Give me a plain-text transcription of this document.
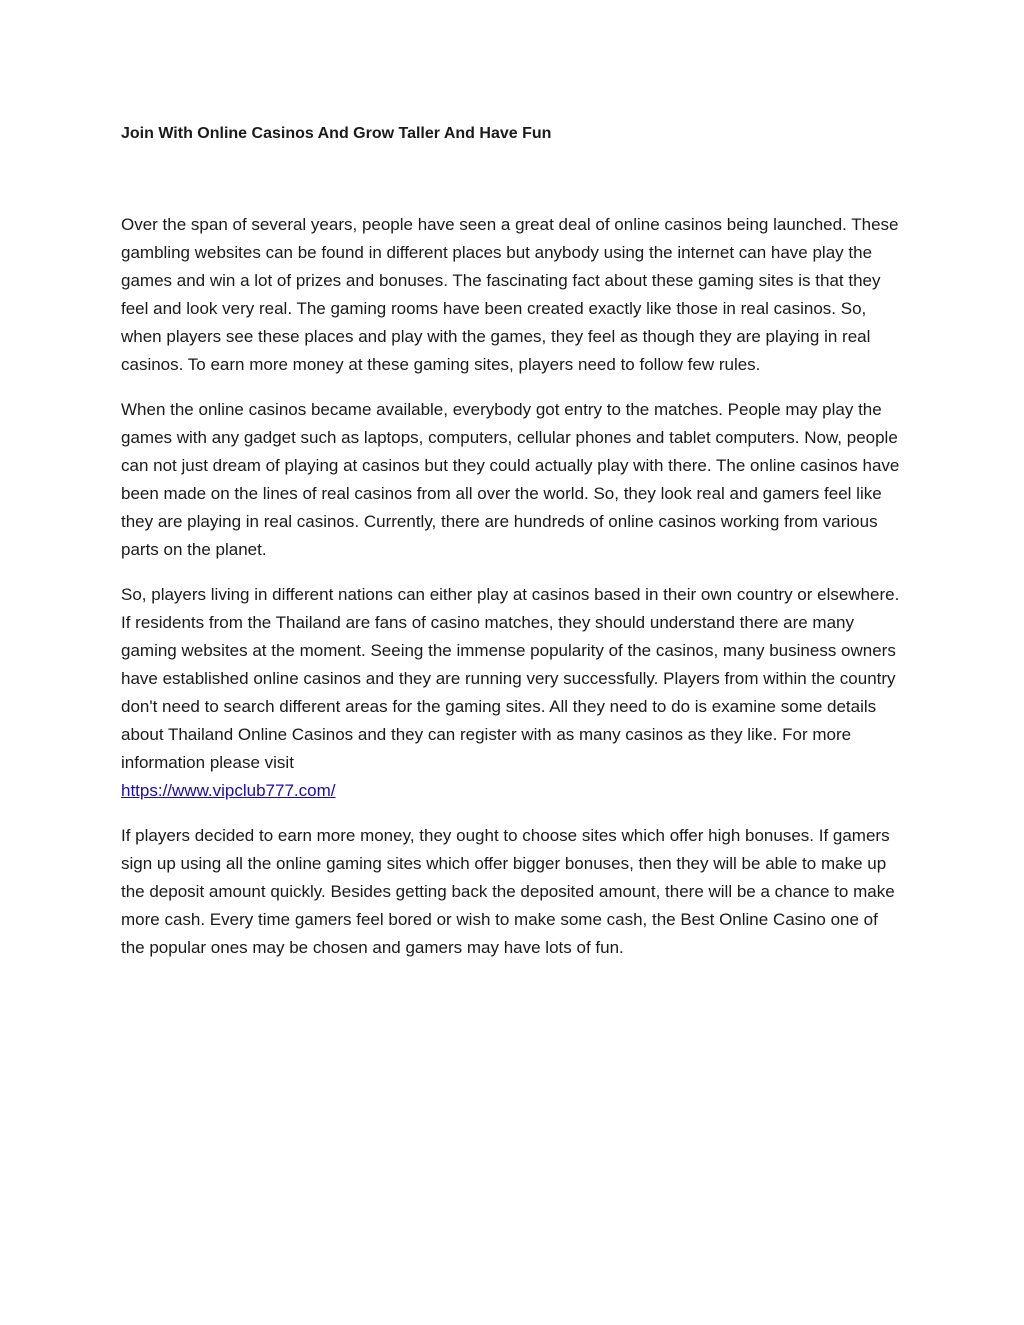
Join With Online Casinos And Grow Taller And Have Fun

Over the span of several years, people have seen a great deal of online casinos being launched. These gambling websites can be found in different places but anybody using the internet can have play the games and win a lot of prizes and bonuses. The fascinating fact about these gaming sites is that they feel and look very real. The gaming rooms have been created exactly like those in real casinos. So, when players see these places and play with the games, they feel as though they are playing in real casinos. To earn more money at these gaming sites, players need to follow few rules.

When the online casinos became available, everybody got entry to the matches. People may play the games with any gadget such as laptops, computers, cellular phones and tablet computers. Now, people can not just dream of playing at casinos but they could actually play with there. The online casinos have been made on the lines of real casinos from all over the world. So, they look real and gamers feel like they are playing in real casinos. Currently, there are hundreds of online casinos working from various parts on the planet.

So, players living in different nations can either play at casinos based in their own country or elsewhere. If residents from the Thailand are fans of casino matches, they should understand there are many gaming websites at the moment. Seeing the immense popularity of the casinos, many business owners have established online casinos and they are running very successfully. Players from within the country don't need to search different areas for the gaming sites. All they need to do is examine some details about Thailand Online Casinos and they can register with as many casinos as they like. For more information please visit
https://www.vipclub777.com/

If players decided to earn more money, they ought to choose sites which offer high bonuses. If gamers sign up using all the online gaming sites which offer bigger bonuses, then they will be able to make up the deposit amount quickly. Besides getting back the deposited amount, there will be a chance to make more cash. Every time gamers feel bored or wish to make some cash, the Best Online Casino one of the popular ones may be chosen and gamers may have lots of fun.
